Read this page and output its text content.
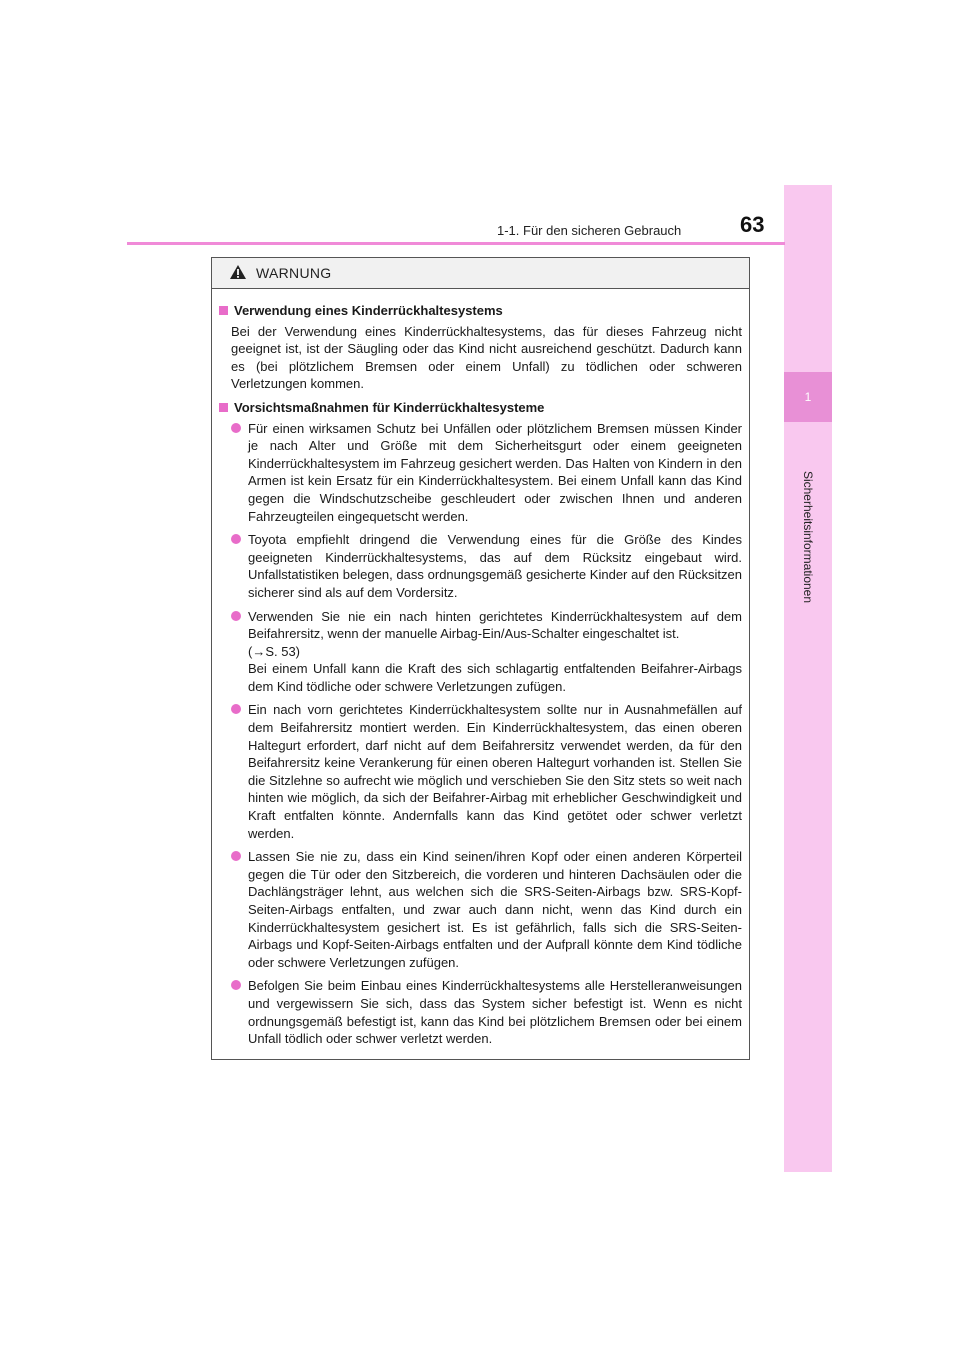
1
Sicherheitsinformationen
1-1. Für den sicheren Gebrauch	63
WARNUNG
Verwendung eines Kinderrückhaltesystems
Bei der Verwendung eines Kinderrückhaltesystems, das für dieses Fahrzeug nicht geeignet ist, ist der Säugling oder das Kind nicht ausreichend geschützt. Dadurch kann es (bei plötzlichem Bremsen oder einem Unfall) zu tödlichen oder schweren Verletzungen kommen.
Vorsichtsmaßnahmen für Kinderrückhaltesysteme
Für einen wirksamen Schutz bei Unfällen oder plötzlichem Bremsen müssen Kinder je nach Alter und Größe mit dem Sicherheitsgurt oder einem geeigneten Kinderrückhaltesystem im Fahrzeug gesichert werden. Das Halten von Kindern in den Armen ist kein Ersatz für ein Kinderrückhaltesystem. Bei einem Unfall kann das Kind gegen die Windschutzscheibe geschleudert oder zwischen Ihnen und anderen Fahrzeugteilen eingequetscht werden.
Toyota empfiehlt dringend die Verwendung eines für die Größe des Kindes geeigneten Kinderrückhaltesystems, das auf dem Rücksitz eingebaut wird. Unfallstatistiken belegen, dass ordnungsgemäß gesicherte Kinder auf den Rücksitzen sicherer sind als auf dem Vordersitz.
Verwenden Sie nie ein nach hinten gerichtetes Kinderrückhaltesystem auf dem Beifahrersitz, wenn der manuelle Airbag-Ein/Aus-Schalter eingeschaltet ist.
(→S. 53)
Bei einem Unfall kann die Kraft des sich schlagartig entfaltenden Beifahrer-Airbags dem Kind tödliche oder schwere Verletzungen zufügen.
Ein nach vorn gerichtetes Kinderrückhaltesystem sollte nur in Ausnahmefällen auf dem Beifahrersitz montiert werden. Ein Kinderrückhaltesystem, das einen oberen Haltegurt erfordert, darf nicht auf dem Beifahrersitz verwendet werden, da für den Beifahrersitz keine Verankerung für einen oberen Haltegurt vorhanden ist. Stellen Sie die Sitzlehne so aufrecht wie möglich und verschieben Sie den Sitz stets so weit nach hinten wie möglich, da sich der Beifahrer-Airbag mit erheblicher Geschwindigkeit und Kraft entfalten könnte. Andernfalls kann das Kind getötet oder schwer verletzt werden.
Lassen Sie nie zu, dass ein Kind seinen/ihren Kopf oder einen anderen Körperteil gegen die Tür oder den Sitzbereich, die vorderen und hinteren Dachsäulen oder die Dachlängsträger lehnt, aus welchen sich die SRS-Seiten-Airbags bzw. SRS-Kopf-Seiten-Airbags entfalten, und zwar auch dann nicht, wenn das Kind durch ein Kinderrückhaltesystem gesichert ist. Es ist gefährlich, falls sich die SRS-Seiten-Airbags und Kopf-Seiten-Airbags entfalten und der Aufprall könnte dem Kind tödliche oder schwere Verletzungen zufügen.
Befolgen Sie beim Einbau eines Kinderrückhaltesystems alle Herstelleranweisungen und vergewissern Sie sich, dass das System sicher befestigt ist. Wenn es nicht ordnungsgemäß befestigt ist, kann das Kind bei plötzlichem Bremsen oder bei einem Unfall tödlich oder schwer verletzt werden.
